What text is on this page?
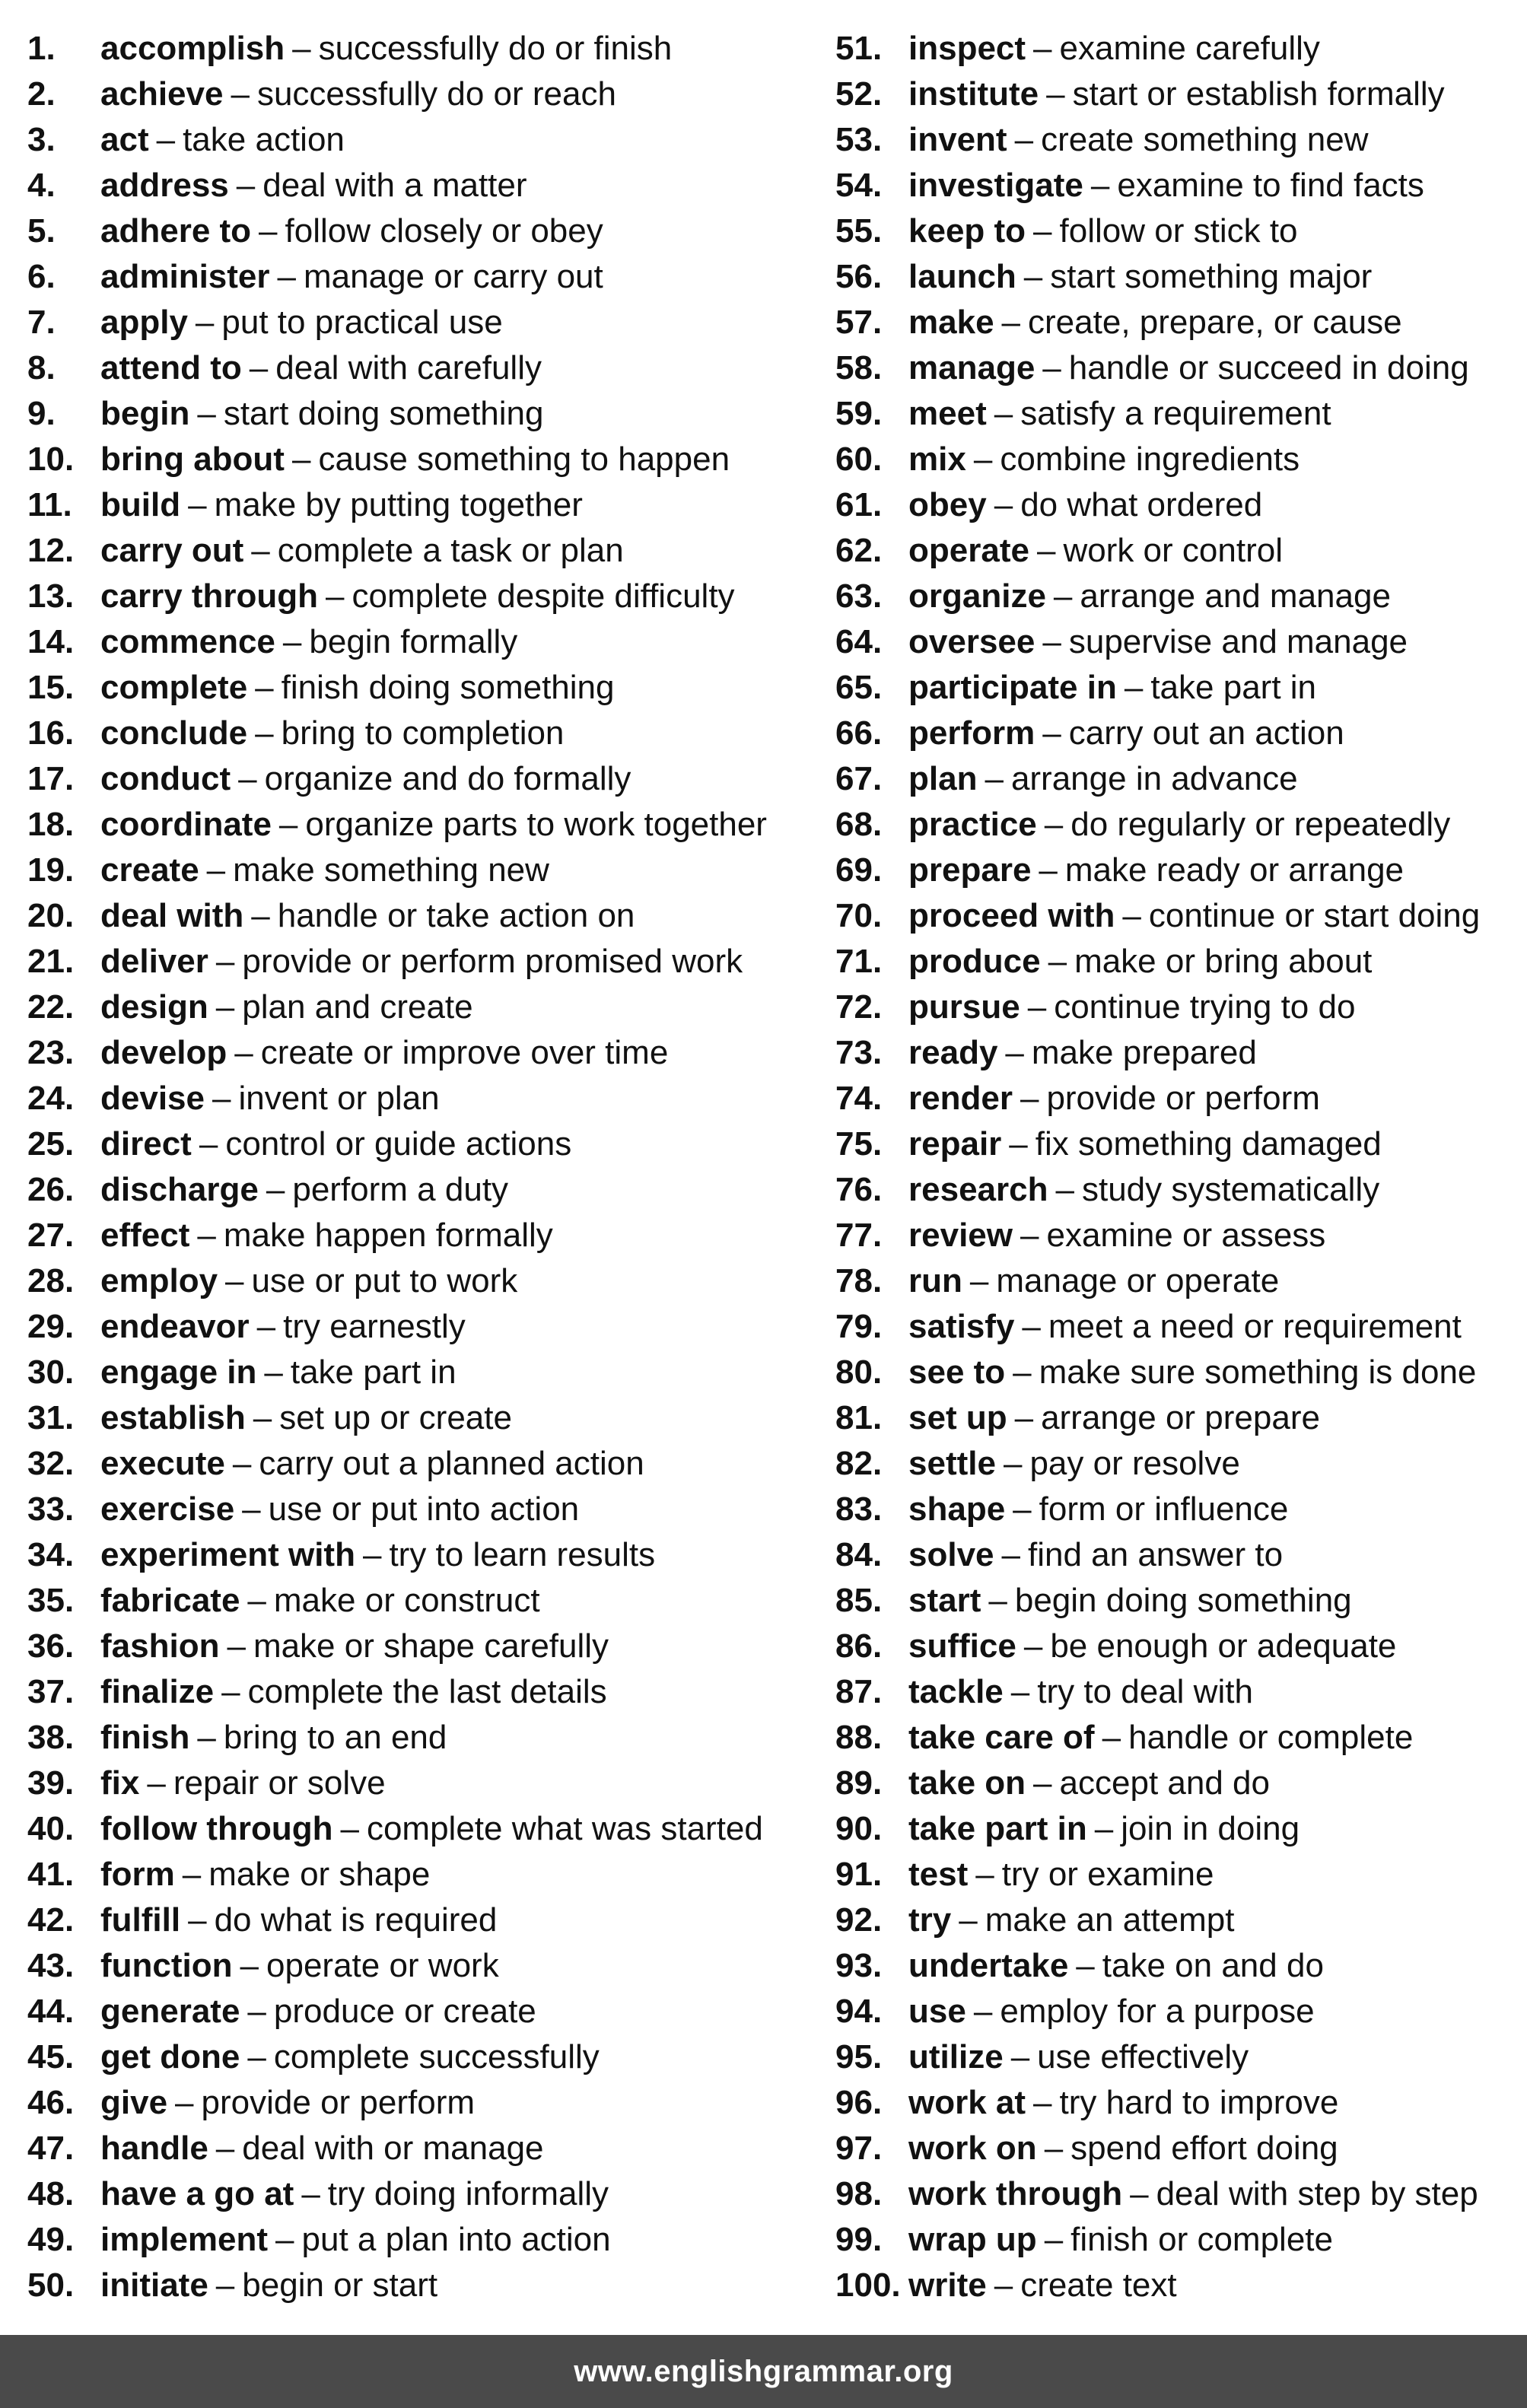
1.	accomplish – successfully do or finish
2.	achieve – successfully do or reach
3.	act – take action
4.	address – deal with a matter
5.	adhere to – follow closely or obey
6.	administer – manage or carry out
7.	apply – put to practical use
8.	attend to – deal with carefully
9.	begin – start doing something
10. bring about – cause something to happen
11. build – make by putting together
12. carry out – complete a task or plan
13. carry through – complete despite difficulty
14. commence – begin formally
15. complete – finish doing something
16. conclude – bring to completion
17. conduct – organize and do formally
18. coordinate – organize parts to work together
19. create – make something new
20. deal with – handle or take action on
21. deliver – provide or perform promised work
22. design – plan and create
23. develop – create or improve over time
24. devise – invent or plan
25. direct – control or guide actions
26. discharge – perform a duty
27. effect – make happen formally
28. employ – use or put to work
29. endeavor – try earnestly
30. engage in – take part in
31. establish – set up or create
32. execute – carry out a planned action
33. exercise – use or put into action
34. experiment with – try to learn results
35. fabricate – make or construct
36. fashion – make or shape carefully
37. finalize – complete the last details
38. finish – bring to an end
39. fix – repair or solve
40. follow through – complete what was started
41. form – make or shape
42. fulfill – do what is required
43. function – operate or work
44. generate – produce or create
45. get done – complete successfully
46. give – provide or perform
47. handle – deal with or manage
48. have a go at – try doing informally
49. implement – put a plan into action
50. initiate – begin or start
51. inspect – examine carefully
52. institute – start or establish formally
53. invent – create something new
54. investigate – examine to find facts
55. keep to – follow or stick to
56. launch – start something major
57. make – create, prepare, or cause
58. manage – handle or succeed in doing
59. meet – satisfy a requirement
60. mix – combine ingredients
61. obey – do what ordered
62. operate – work or control
63. organize – arrange and manage
64. oversee – supervise and manage
65. participate in – take part in
66. perform – carry out an action
67. plan – arrange in advance
68. practice – do regularly or repeatedly
69. prepare – make ready or arrange
70. proceed with – continue or start doing
71. produce – make or bring about
72. pursue – continue trying to do
73. ready – make prepared
74. render – provide or perform
75. repair – fix something damaged
76. research – study systematically
77. review – examine or assess
78. run – manage or operate
79. satisfy – meet a need or requirement
80. see to – make sure something is done
81. set up – arrange or prepare
82. settle – pay or resolve
83. shape – form or influence
84. solve – find an answer to
85. start – begin doing something
86. suffice – be enough or adequate
87. tackle – try to deal with
88. take care of – handle or complete
89. take on – accept and do
90. take part in – join in doing
91. test – try or examine
92. try – make an attempt
93. undertake – take on and do
94. use – employ for a purpose
95. utilize – use effectively
96. work at – try hard to improve
97. work on – spend effort doing
98. work through – deal with step by step
99. wrap up – finish or complete
100. write – create text
www.englishgrammar.org
